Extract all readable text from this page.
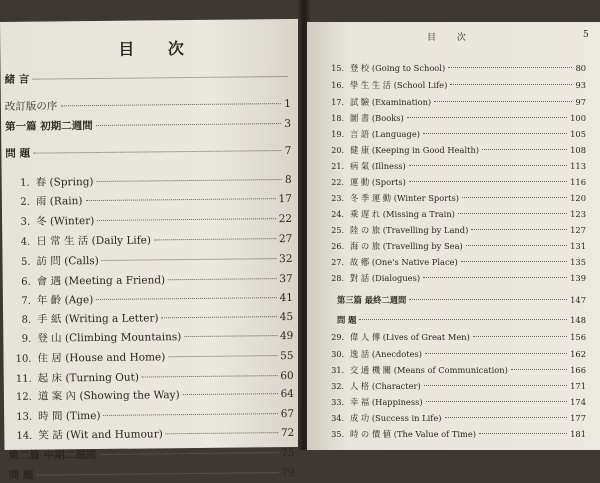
目 次
緒 言
改訂版の序	1
第一篇 初期二週間	3
問 題	7
1. 春 (Spring)	8
2. 雨 (Rain)	17
3. 冬 (Winter)	22
4. 日 常 生 活 (Daily Life)	27
5. 訪 問 (Calls)	32
6. 會 遇 (Meeting a Friend)	37
7. 年 齡 (Age)	41
8. 手 紙 (Writing a Letter)	45
9. 登 山 (Climbing Mountains)	49
10. 住 居 (House and Home)	55
11. 起 床 (Turning Out)	60
12. 道 案 內 (Showing the Way)	64
13. 時 間 (Time)	67
14. 笑 話 (Wit and Humour)	72
第二篇 中期二週間	75
問 題	79
目 次	5
15. 登 校 (Going to School)	80
16. 學 生 生 活 (School Life)	93
17. 試 驗 (Examination)	97
18. 圖 書 (Books)	100
19. 言 語 (Language)	105
20. 健 康 (Keeping in Good Health)	108
21. 病 氣 (Illness)	113
22. 運 動 (Sports)	116
23. 冬 季 運 動 (Winter Sports)	120
24. 乘 遅 れ (Missing a Train)	123
25. 陸 の 旅 (Travelling by Land)	127
26. 海 の 旅 (Travelling by Sea)	131
27. 故 鄕 (One's Native Place)	135
28. 對 話 (Dialogues)	139
第三篇 最終二週間	147
問 題	148
29. 偉 人 傳 (Lives of Great Men)	156
30. 逸 話 (Anecdotes)	162
31. 交 通 機 關 (Means of Communication)	166
32. 人 格 (Character)	171
33. 幸 福 (Happiness)	174
34. 成 功 (Success in Life)	177
35. 時 の 價 値 (The Value of Time)	181
